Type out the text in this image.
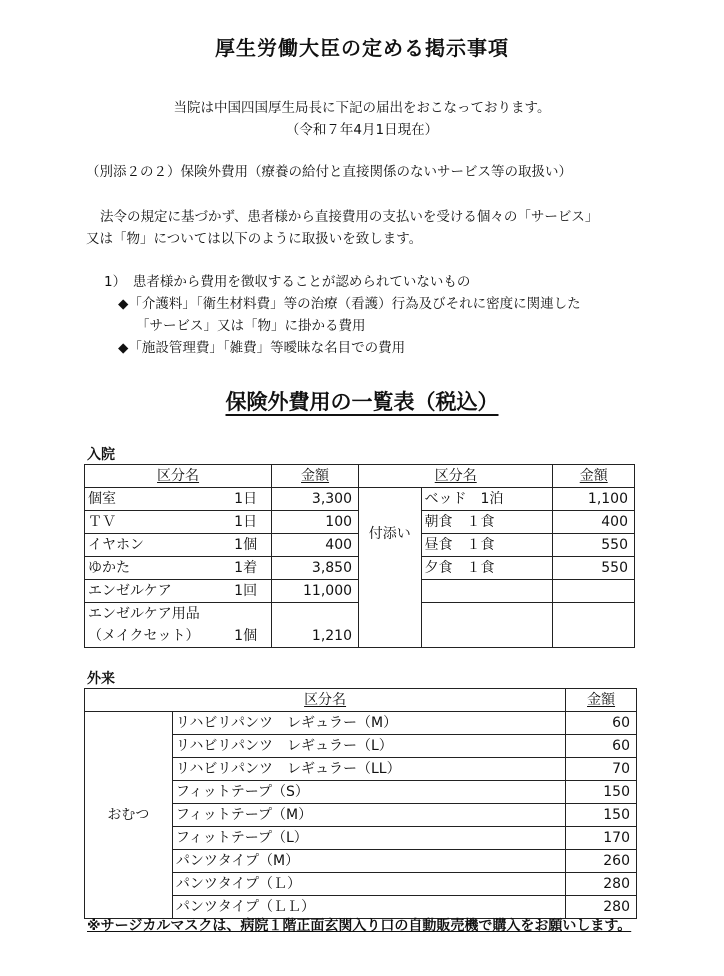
厚生労働大臣の定める掲示事項
当院は中国四国厚生局長に下記の届出をおこなっております。
（令和７年4月1日現在）
（別添２の２）保険外費用（療養の給付と直接関係のないサービス等の取扱い）
法令の規定に基づかず、患者様から直接費用の支払いを受ける個々の「サービス」
又は「物」については以下のように取扱いを致します。
1）　患者様から費用を徴収することが認められていないもの
◆「介護料」「衛生材料費」等の治療（看護）行為及びそれに密度に関連した
「サービス」又は「物」に掛かる費用
◆「施設管理費」「雑費」等曖昧な名目での費用
保険外費用の一覧表（税込）
入院
区分名		金額	区分名		金額
個室	1日	3,300	付添い	ベッド　1泊	1,100
ＴＶ	1日	100		朝食　１食	400
イヤホン	1個	400		昼食　１食	550
ゆかた	1着	3,850		夕食　１食	550
エンゼルケア	1回	11,000			

エンゼルケア用品
（メイクセット）	1個	1,210			
外来
区分名		金額
おむつ	リハビリパンツ　レギュラー（M）	60
	リハビリパンツ　レギュラー（L）	60
	リハビリパンツ　レギュラー（LL）	70
	フィットテープ（S）	150
	フィットテープ（M）	150
	フィットテープ（L）	170
	パンツタイプ（M）	260
	パンツタイプ（Ｌ）	280
	パンツタイプ（ＬＬ）	280
※サージカルマスクは、病院１階正面玄関入り口の自動販売機で購入をお願いします。
